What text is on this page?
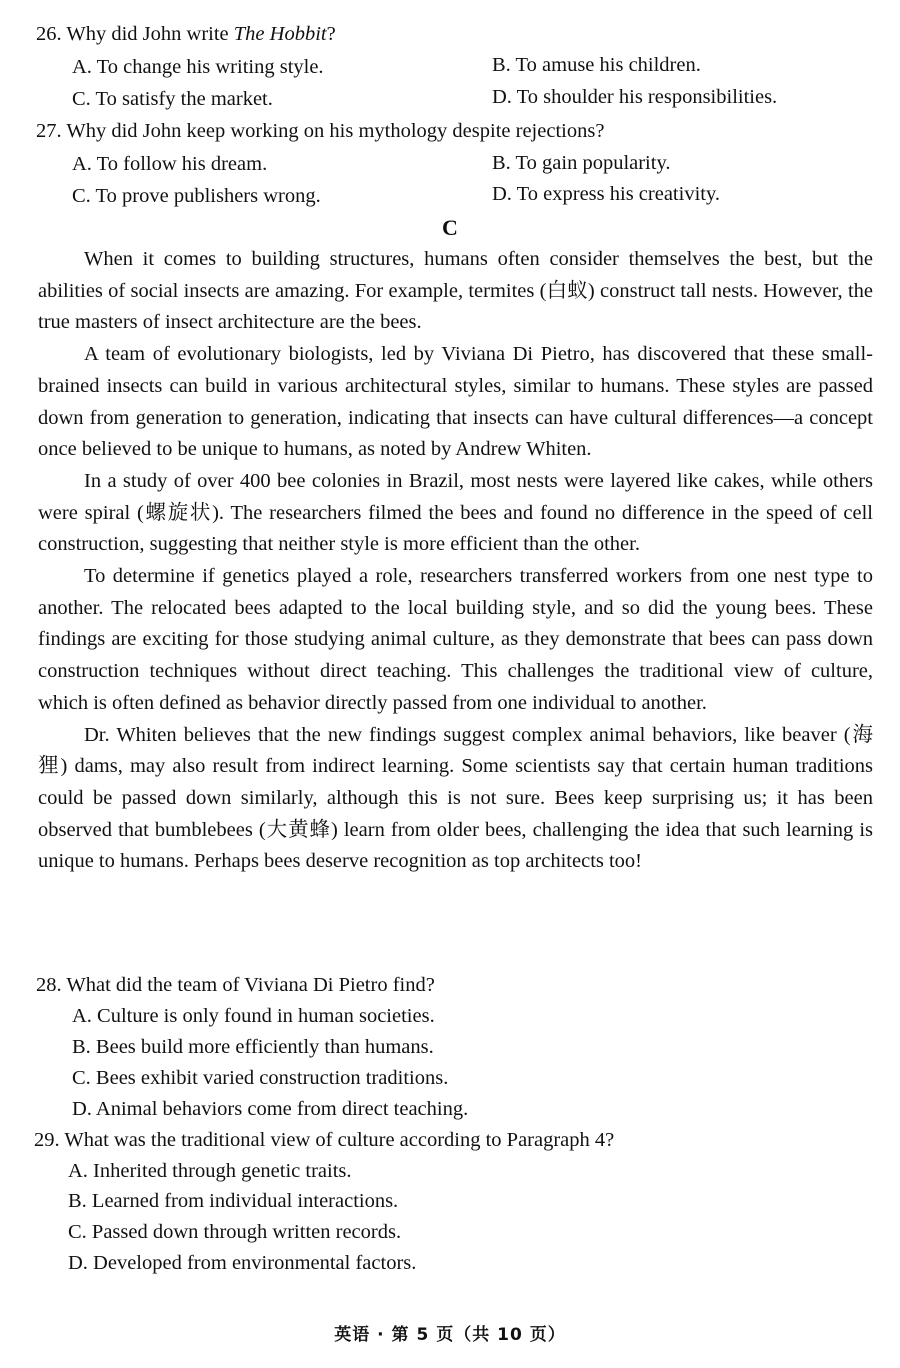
26. Why did John write The Hobbit?
A. To change his writing style.	B. To amuse his children.
C. To satisfy the market.	D. To shoulder his responsibilities.
27. Why did John keep working on his mythology despite rejections?
A. To follow his dream.	B. To gain popularity.
C. To prove publishers wrong.	D. To express his creativity.
C

When it comes to building structures, humans often consider themselves the best, but the abilities of social insects are amazing. For example, termites (白蚁) construct tall nests. However, the true masters of insect architecture are the bees.

A team of evolutionary biologists, led by Viviana Di Pietro, has discovered that these small-brained insects can build in various architectural styles, similar to humans. These styles are passed down from generation to generation, indicating that insects can have cultural differences—a concept once believed to be unique to humans, as noted by Andrew Whiten.

In a study of over 400 bee colonies in Brazil, most nests were layered like cakes, while others were spiral (螺旋状). The researchers filmed the bees and found no difference in the speed of cell construction, suggesting that neither style is more efficient than the other.

To determine if genetics played a role, researchers transferred workers from one nest type to another. The relocated bees adapted to the local building style, and so did the young bees. These findings are exciting for those studying animal culture, as they demonstrate that bees can pass down construction techniques without direct teaching. This challenges the traditional view of culture, which is often defined as behavior directly passed from one individual to another.

Dr. Whiten believes that the new findings suggest complex animal behaviors, like beaver (海狸) dams, may also result from indirect learning. Some scientists say that certain human traditions could be passed down similarly, although this is not sure. Bees keep surprising us; it has been observed that bumblebees (大黄蜂) learn from older bees, challenging the idea that such learning is unique to humans. Perhaps bees deserve recognition as top architects too!

28. What did the team of Viviana Di Pietro find?
A. Culture is only found in human societies.
B. Bees build more efficiently than humans.
C. Bees exhibit varied construction traditions.
D. Animal behaviors come from direct teaching.
29. What was the traditional view of culture according to Paragraph 4?
A. Inherited through genetic traits.
B. Learned from individual interactions.
C. Passed down through written records.
D. Developed from environmental factors.
英语 · 第 5 页（共 10 页）
